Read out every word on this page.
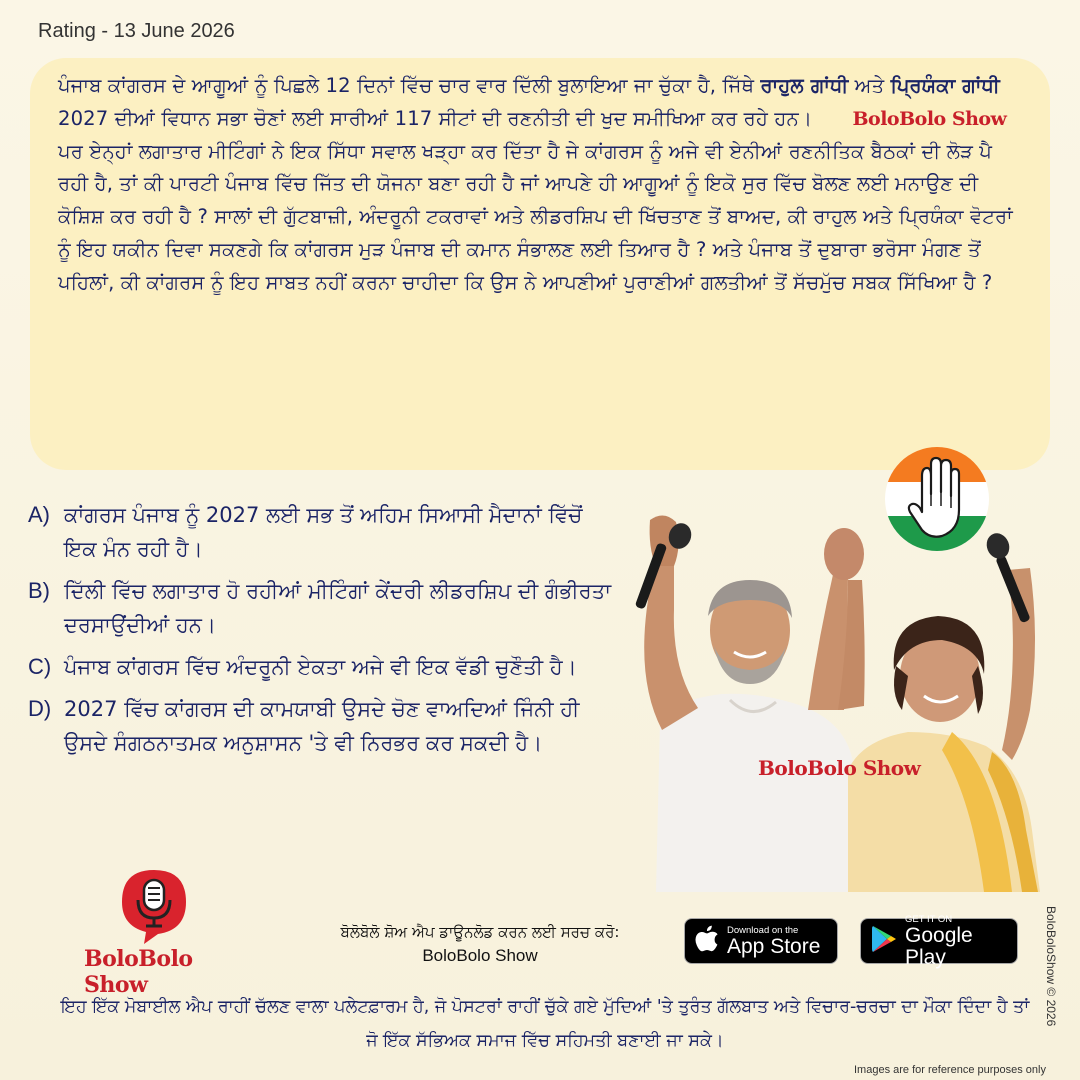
Rating - 13 June 2026

ਪੰਜਾਬ ਕਾਂਗਰਸ ਦੇ ਆਗੂਆਂ ਨੂੰ ਪਿਛਲੇ 12 ਦਿਨਾਂ ਵਿੱਚ ਚਾਰ ਵਾਰ ਦਿੱਲੀ ਬੁਲਾਇਆ ਜਾ ਚੁੱਕਾ ਹੈ, ਜਿੱਥੇ ਰਾਹੁਲ ਗਾਂਧੀ ਅਤੇ ਪ੍ਰਿਯੰਕਾ ਗਾਂਧੀ 2027 ਦੀਆਂ ਵਿਧਾਨ ਸਭਾ ਚੋਣਾਂ ਲਈ ਸਾਰੀਆਂ 117 ਸੀਟਾਂ ਦੀ ਰਣਨੀਤੀ ਦੀ ਖੁਦ ਸਮੀਖਿਆ ਕਰ ਰਹੇ ਹਨ। BoloBolo Show

ਪਰ ਏਨ੍ਹਾਂ ਲਗਾਤਾਰ ਮੀਟਿੰਗਾਂ ਨੇ ਇਕ ਸਿੱਧਾ ਸਵਾਲ ਖੜ੍ਹਾ ਕਰ ਦਿੱਤਾ ਹੈ ਜੇ ਕਾਂਗਰਸ ਨੂੰ ਅਜੇ ਵੀ ਏਨੀਆਂ ਰਣਨੀਤਿਕ ਬੈਠਕਾਂ ਦੀ ਲੋੜ ਪੈ ਰਹੀ ਹੈ, ਤਾਂ ਕੀ ਪਾਰਟੀ ਪੰਜਾਬ ਵਿੱਚ ਜਿੱਤ ਦੀ ਯੋਜਨਾ ਬਣਾ ਰਹੀ ਹੈ ਜਾਂ ਆਪਣੇ ਹੀ ਆਗੂਆਂ ਨੂੰ ਇਕੋ ਸੁਰ ਵਿੱਚ ਬੋਲਣ ਲਈ ਮਨਾਉਣ ਦੀ ਕੋਸ਼ਿਸ਼ ਕਰ ਰਹੀ ਹੈ ? ਸਾਲਾਂ ਦੀ ਗੁੱਟਬਾਜ਼ੀ, ਅੰਦਰੂਨੀ ਟਕਰਾਵਾਂ ਅਤੇ ਲੀਡਰਸ਼ਿਪ ਦੀ ਖਿੱਚਤਾਣ ਤੋਂ ਬਾਅਦ, ਕੀ ਰਾਹੁਲ ਅਤੇ ਪ੍ਰਿਯੰਕਾ ਵੋਟਰਾਂ ਨੂੰ ਇਹ ਯਕੀਨ ਦਿਵਾ ਸਕਣਗੇ ਕਿ ਕਾਂਗਰਸ ਮੁੜ ਪੰਜਾਬ ਦੀ ਕਮਾਨ ਸੰਭਾਲਣ ਲਈ ਤਿਆਰ ਹੈ ? ਅਤੇ ਪੰਜਾਬ ਤੋਂ ਦੁਬਾਰਾ ਭਰੋਸਾ ਮੰਗਣ ਤੋਂ ਪਹਿਲਾਂ, ਕੀ ਕਾਂਗਰਸ ਨੂੰ ਇਹ ਸਾਬਤ ਨਹੀਂ ਕਰਨਾ ਚਾਹੀਦਾ ਕਿ ਉਸ ਨੇ ਆਪਣੀਆਂ ਪੁਰਾਣੀਆਂ ਗਲਤੀਆਂ ਤੋਂ ਸੱਚਮੁੱਚ ਸਬਕ ਸਿੱਖਿਆ ਹੈ ?

A) ਕਾਂਗਰਸ ਪੰਜਾਬ ਨੂੰ 2027 ਲਈ ਸਭ ਤੋਂ ਅਹਿਮ ਸਿਆਸੀ ਮੈਦਾਨਾਂ ਵਿੱਚੋਂ ਇਕ ਮੰਨ ਰਹੀ ਹੈ।
B) ਦਿੱਲੀ ਵਿੱਚ ਲਗਾਤਾਰ ਹੋ ਰਹੀਆਂ ਮੀਟਿੰਗਾਂ ਕੇਂਦਰੀ ਲੀਡਰਸ਼ਿਪ ਦੀ ਗੰਭੀਰਤਾ ਦਰਸਾਉਂਦੀਆਂ ਹਨ।
C) ਪੰਜਾਬ ਕਾਂਗਰਸ ਵਿੱਚ ਅੰਦਰੂਨੀ ਏਕਤਾ ਅਜੇ ਵੀ ਇਕ ਵੱਡੀ ਚੁਣੌਤੀ ਹੈ।
D) 2027 ਵਿੱਚ ਕਾਂਗਰਸ ਦੀ ਕਾਮਯਾਬੀ ਉਸਦੇ ਚੋਣ ਵਾਅਦਿਆਂ ਜਿੰਨੀ ਹੀ ਉਸਦੇ ਸੰਗਠਨਾਤਮਕ ਅਨੁਸ਼ਾਸਨ 'ਤੇ ਵੀ ਨਿਰਭਰ ਕਰ ਸਕਦੀ ਹੈ।
BoloBolo Show
BoloBolo Show
ਬੋਲੋਬੋਲੋ ਸ਼ੋਅ ਐਪ ਡਾਊਨਲੋਡ ਕਰਨ ਲਈ ਸਰਚ ਕਰੋ:
BoloBolo Show
Download on the
App Store
GET IT ON
Google Play
ਇਹ ਇੱਕ ਮੋਬਾਈਲ ਐਪ ਰਾਹੀਂ ਚੱਲਣ ਵਾਲਾ ਪਲੇਟਫ਼ਾਰਮ ਹੈ, ਜੋ ਪੋਸਟਰਾਂ ਰਾਹੀਂ ਚੁੱਕੇ ਗਏ ਮੁੱਦਿਆਂ 'ਤੇ ਤੁਰੰਤ ਗੱਲਬਾਤ ਅਤੇ ਵਿਚਾਰ-ਚਰਚਾ ਦਾ ਮੌਕਾ ਦਿੰਦਾ ਹੈ ਤਾਂ ਜੋ ਇੱਕ ਸੱਭਿਅਕ ਸਮਾਜ ਵਿੱਚ ਸਹਿਮਤੀ ਬਣਾਈ ਜਾ ਸਕੇ।
BoloBoloShow © 2026
Images are for reference purposes only
